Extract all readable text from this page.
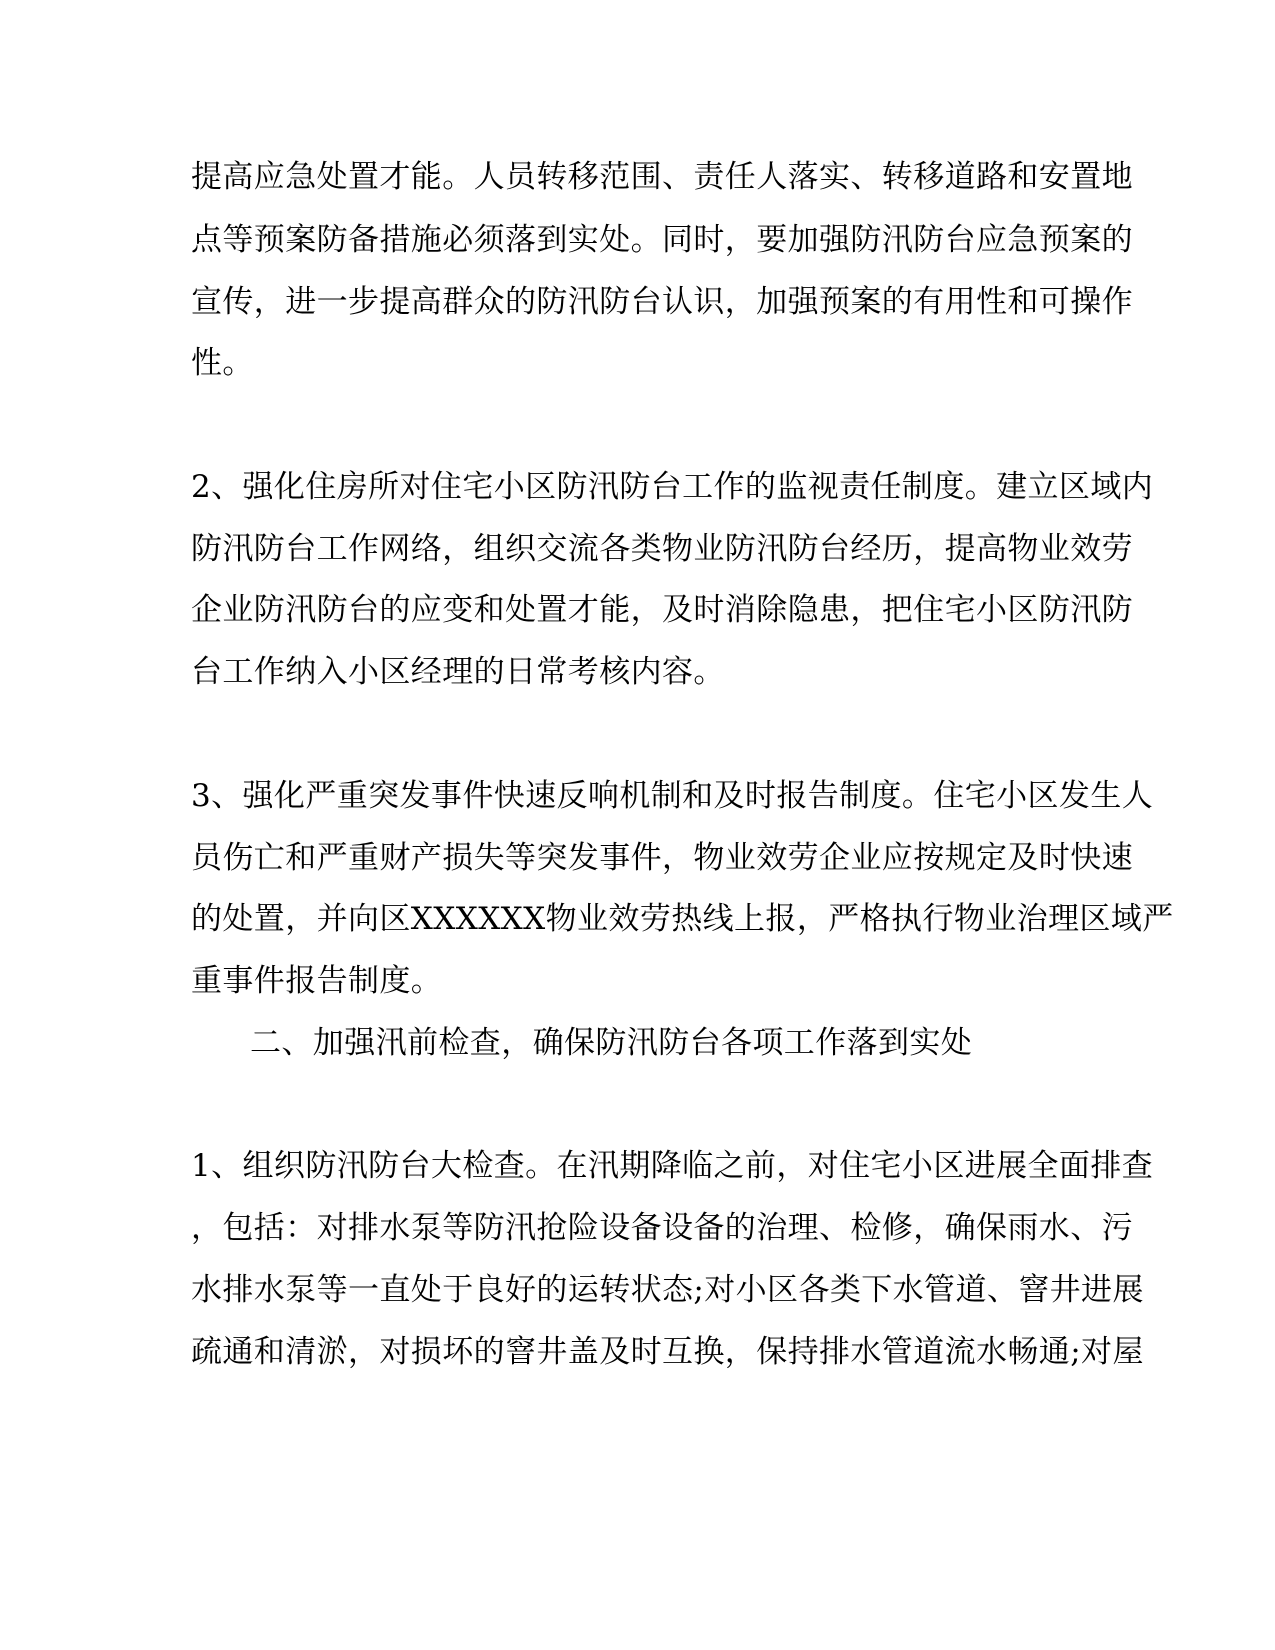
提高应急处置才能。人员转移范围、责任人落实、转移道路和安置地
点等预案防备措施必须落到实处。同时，要加强防汛防台应急预案的
宣传，进一步提高群众的防汛防台认识，加强预案的有用性和可操作
性。
2、强化住房所对住宅小区防汛防台工作的监视责任制度。建立区域内
防汛防台工作网络，组织交流各类物业防汛防台经历，提高物业效劳
企业防汛防台的应变和处置才能，及时消除隐患，把住宅小区防汛防
台工作纳入小区经理的日常考核内容。
3、强化严重突发事件快速反响机制和及时报告制度。住宅小区发生人
员伤亡和严重财产损失等突发事件，物业效劳企业应按规定及时快速
的处置，并向区XXXXXX物业效劳热线上报，严格执行物业治理区域严
重事件报告制度。
二、加强汛前检查，确保防汛防台各项工作落到实处
1、组织防汛防台大检查。在汛期降临之前，对住宅小区进展全面排查
，包括：对排水泵等防汛抢险设备设备的治理、检修，确保雨水、污
水排水泵等一直处于良好的运转状态;对小区各类下水管道、窨井进展
疏通和清淤，对损坏的窨井盖及时互换，保持排水管道流水畅通;对屋
